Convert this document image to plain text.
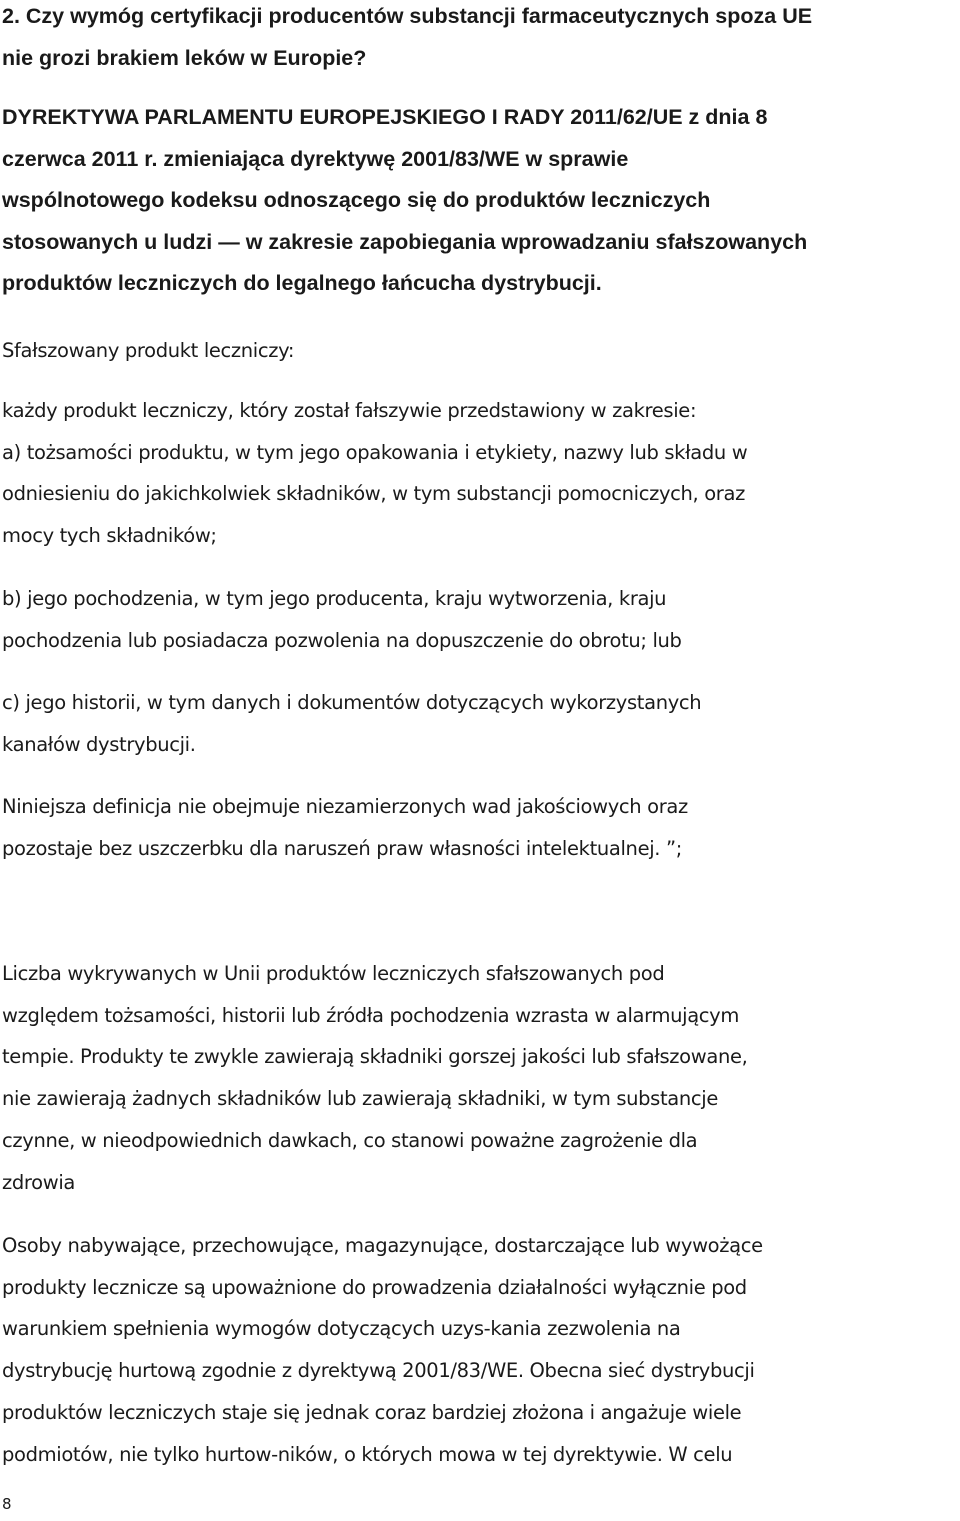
2. Czy wymóg certyfikacji producentów substancji farmaceutycznych spoza UE
nie grozi brakiem leków w Europie?
DYREKTYWA PARLAMENTU EUROPEJSKIEGO I RADY 2011/62/UE z dnia 8
czerwca 2011 r. zmieniająca dyrektywę 2001/83/WE w sprawie
wspólnotowego kodeksu odnoszącego się do produktów leczniczych
stosowanych u ludzi — w zakresie zapobiegania wprowadzaniu sfałszowanych
produktów leczniczych do legalnego łańcucha dystrybucji.
Sfałszowany produkt leczniczy:
każdy produkt leczniczy, który został fałszywie przedstawiony w zakresie:
a) tożsamości produktu, w tym jego opakowania i etykiety, nazwy lub składu w
odniesieniu do jakichkolwiek składników, w tym substancji pomocniczych, oraz
mocy tych składników;
b) jego pochodzenia, w tym jego producenta, kraju wytworzenia, kraju
pochodzenia lub posiadacza pozwolenia na dopuszczenie do obrotu; lub
c) jego historii, w tym danych i dokumentów dotyczących wykorzystanych
kanałów dystrybucji.
Niniejsza definicja nie obejmuje niezamierzonych wad jakościowych oraz
pozostaje bez uszczerbku dla naruszeń praw własności intelektualnej. ”;
Liczba wykrywanych w Unii produktów leczniczych sfałszowanych pod
względem tożsamości, historii lub źródła pochodzenia wzrasta w alarmującym
tempie. Produkty te zwykle zawierają składniki gorszej jakości lub sfałszowane,
nie zawierają żadnych składników lub zawierają składniki, w tym substancje
czynne, w nieodpowiednich dawkach, co stanowi poważne zagrożenie dla
zdrowia
Osoby nabywające, przechowujące, magazynujące, dostarczające lub wywożące
produkty lecznicze są upoważnione do prowadzenia działalności wyłącznie pod
warunkiem spełnienia wymogów dotyczących uzys-kania zezwolenia na
dystrybucję hurtową zgodnie z dyrektywą 2001/83/WE. Obecna sieć dystrybucji
produktów leczniczych staje się jednak coraz bardziej złożona i angażuje wiele
podmiotów, nie tylko hurtow-ników, o których mowa w tej dyrektywie. W celu
8
